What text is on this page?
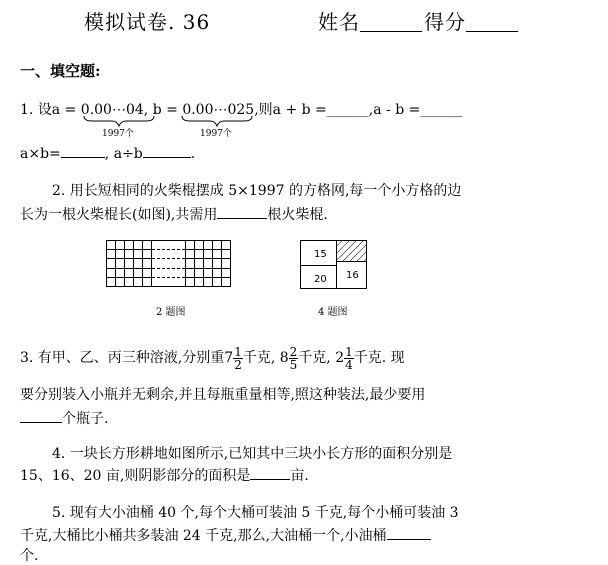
模拟试卷. 36	姓名	得分
一、填空题:
1. 设a = 0.00⋯04, b = 0.00⋯025,则a + b =______,a - b =______
1997个	1997个
a×b=	, a÷b	.
2. 用长短相同的火柴棍摆成 5×1997 的方格网,每一个小方格的边
长为一根火柴棍长(如图),共需用	根火柴棍.
2 题图
15
16
20
4 题图
3. 有甲、乙、丙三种溶液,分别重$7 \frac{1}{2}$ 千克, $8 \frac{2}{5}$ 千克, $2 \frac{1}{4}$ 千克. 现
要分别装入小瓶并无剩余,并且每瓶重量相等,照这种装法,最少要用
个瓶子.
4. 一块长方形耕地如图所示,已知其中三块小长方形的面积分别是
15、16、20 亩,则阴影部分的面积是	亩.
5. 现有大小油桶 40 个,每个大桶可装油 5 千克,每个小桶可装油 3
千克,大桶比小桶共多装油 24 千克,那么,大油桶一个,小油桶
个.
